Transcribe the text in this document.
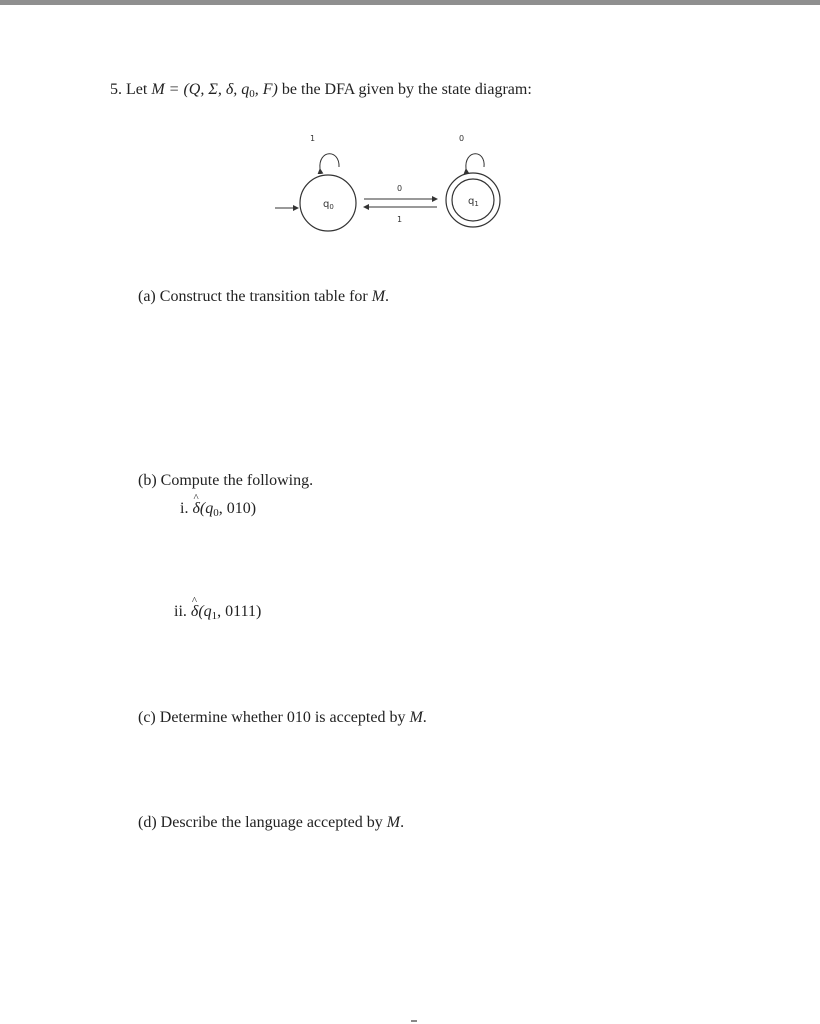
5. Let M = (Q, Σ, δ, $q_0$, F) be the DFA given by the state diagram:
$q_0$
1
$q_1$
0
0
1
(a) Construct the transition table for M.
(b) Compute the following.
i. ^ $\delta(q_0$, 010)
ii. ^ $\delta(q_1$, 0111)
(c) Determine whether 010 is accepted by M.
(d) Describe the language accepted by M.
